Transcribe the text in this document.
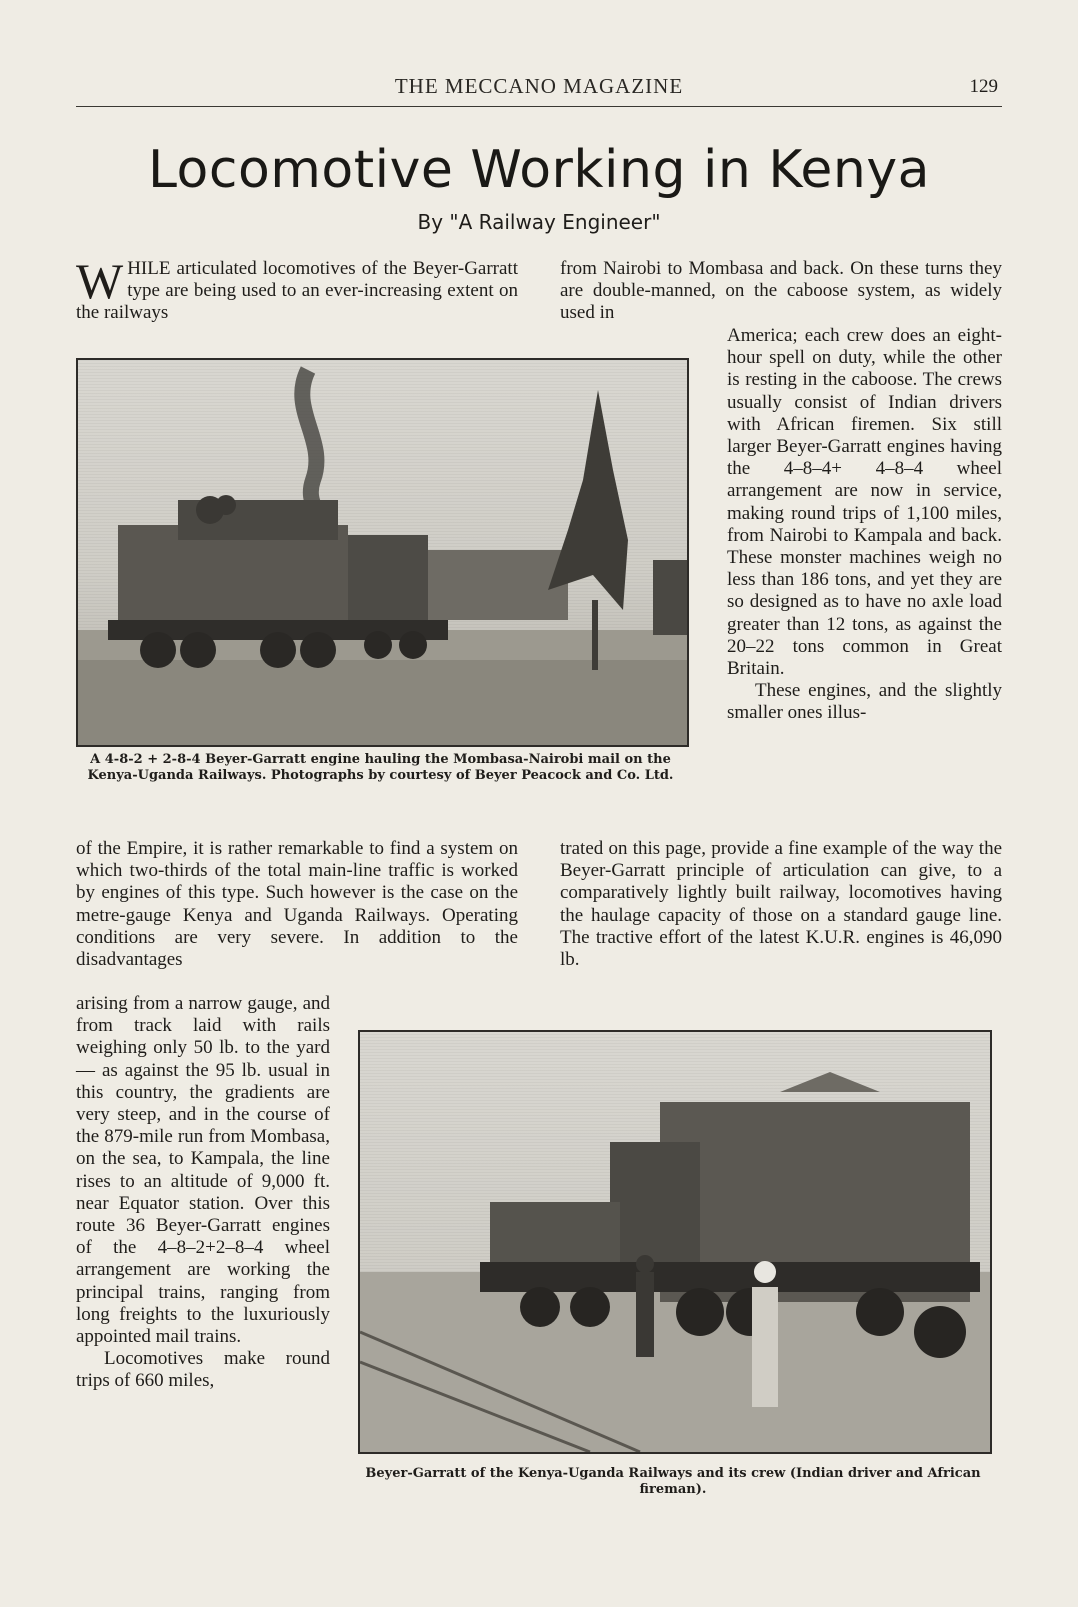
THE MECCANO MAGAZINE	129
Locomotive Working in Kenya
By "A Railway Engineer"
WHILE articulated locomotives of the Beyer-Garratt type are being used to an ever-increasing extent on the railways
from Nairobi to Mombasa and back. On these turns they are double-manned, on the caboose system, as widely used in
A 4-8-2 + 2-8-4 Beyer-Garratt engine hauling the Mombasa-Nairobi mail on the Kenya-Uganda Railways. Photographs by courtesy of Beyer Peacock and Co. Ltd.

America; each crew does an eight-hour spell on duty, while the other is resting in the caboose. The crews usually consist of Indian drivers with African firemen. Six still larger Beyer-Garratt engines having the 4–8–4+ 4–8–4 wheel arrangement are now in service, making round trips of 1,100 miles, from Nairobi to Kampala and back. These monster machines weigh no less than 186 tons, and yet they are so designed as to have no axle load greater than 12 tons, as against the 20–22 tons common in Great Britain.

These engines, and the slightly smaller ones illus-

of the Empire, it is rather remarkable to find a system on which two-thirds of the total main-line traffic is worked by engines of this type. Such however is the case on the metre-gauge Kenya and Uganda Railways. Operating conditions are very severe. In addition to the disadvantages
trated on this page, provide a fine example of the way the Beyer-Garratt principle of articulation can give, to a comparatively lightly built railway, locomotives having the haulage capacity of those on a standard gauge line. The tractive effort of the latest K.U.R. engines is 46,090 lb.

arising from a narrow gauge, and from track laid with rails weighing only 50 lb. to the yard— as against the 95 lb. usual in this country, the gradients are very steep, and in the course of the 879-mile run from Mombasa, on the sea, to Kampala, the line rises to an altitude of 9,000 ft. near Equator station. Over this route 36 Beyer-Garratt engines of the 4–8–2+2–8–4 wheel arrangement are working the principal trains, ranging from long freights to the luxuriously appointed mail trains.

Locomotives make round trips of 660 miles,

Beyer-Garratt of the Kenya-Uganda Railways and its crew (Indian driver and African fireman).
